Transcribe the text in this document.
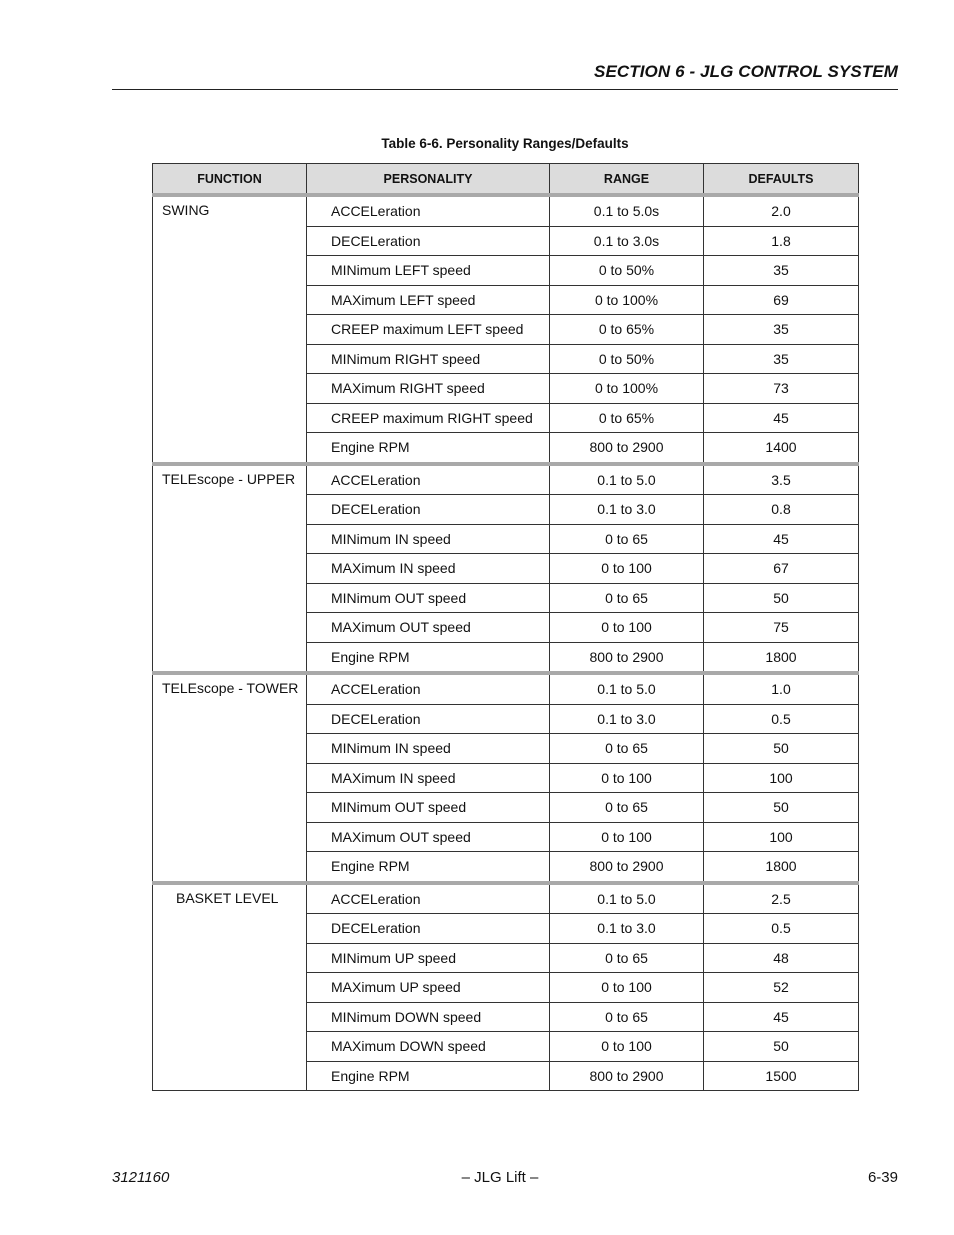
SECTION 6 - JLG CONTROL SYSTEM
Table 6-6. Personality Ranges/Defaults
FUNCTION	PERSONALITY	RANGE	DEFAULTS
SWING	ACCELeration	0.1 to 5.0s	2.0
	DECELeration	0.1 to 3.0s	1.8
	MINimum LEFT speed	0 to 50%	35
	MAXimum LEFT speed	0 to 100%	69
	CREEP maximum LEFT speed	0 to 65%	35
	MINimum RIGHT speed	0 to 50%	35
	MAXimum RIGHT speed	0 to 100%	73
	CREEP maximum RIGHT speed	0 to 65%	45
	Engine RPM	800 to 2900	1400
TELEscope - UPPER	ACCELeration	0.1 to 5.0	3.5
	DECELeration	0.1 to 3.0	0.8
	MINimum IN speed	0 to 65	45
	MAXimum IN speed	0 to 100	67
	MINimum OUT speed	0 to 65	50
	MAXimum OUT speed	0 to 100	75
	Engine RPM	800 to 2900	1800
TELEscope - TOWER	ACCELeration	0.1 to 5.0	1.0
	DECELeration	0.1 to 3.0	0.5
	MINimum IN speed	0 to 65	50
	MAXimum IN speed	0 to 100	100
	MINimum OUT speed	0 to 65	50
	MAXimum OUT speed	0 to 100	100
	Engine RPM	800 to 2900	1800
BASKET LEVEL	ACCELeration	0.1 to 5.0	2.5
	DECELeration	0.1 to 3.0	0.5
	MINimum UP speed	0 to 65	48
	MAXimum UP speed	0 to 100	52
	MINimum DOWN speed	0 to 65	45
	MAXimum DOWN speed	0 to 100	50
	Engine RPM	800 to 2900	1500
3121160	– JLG Lift –	6-39
